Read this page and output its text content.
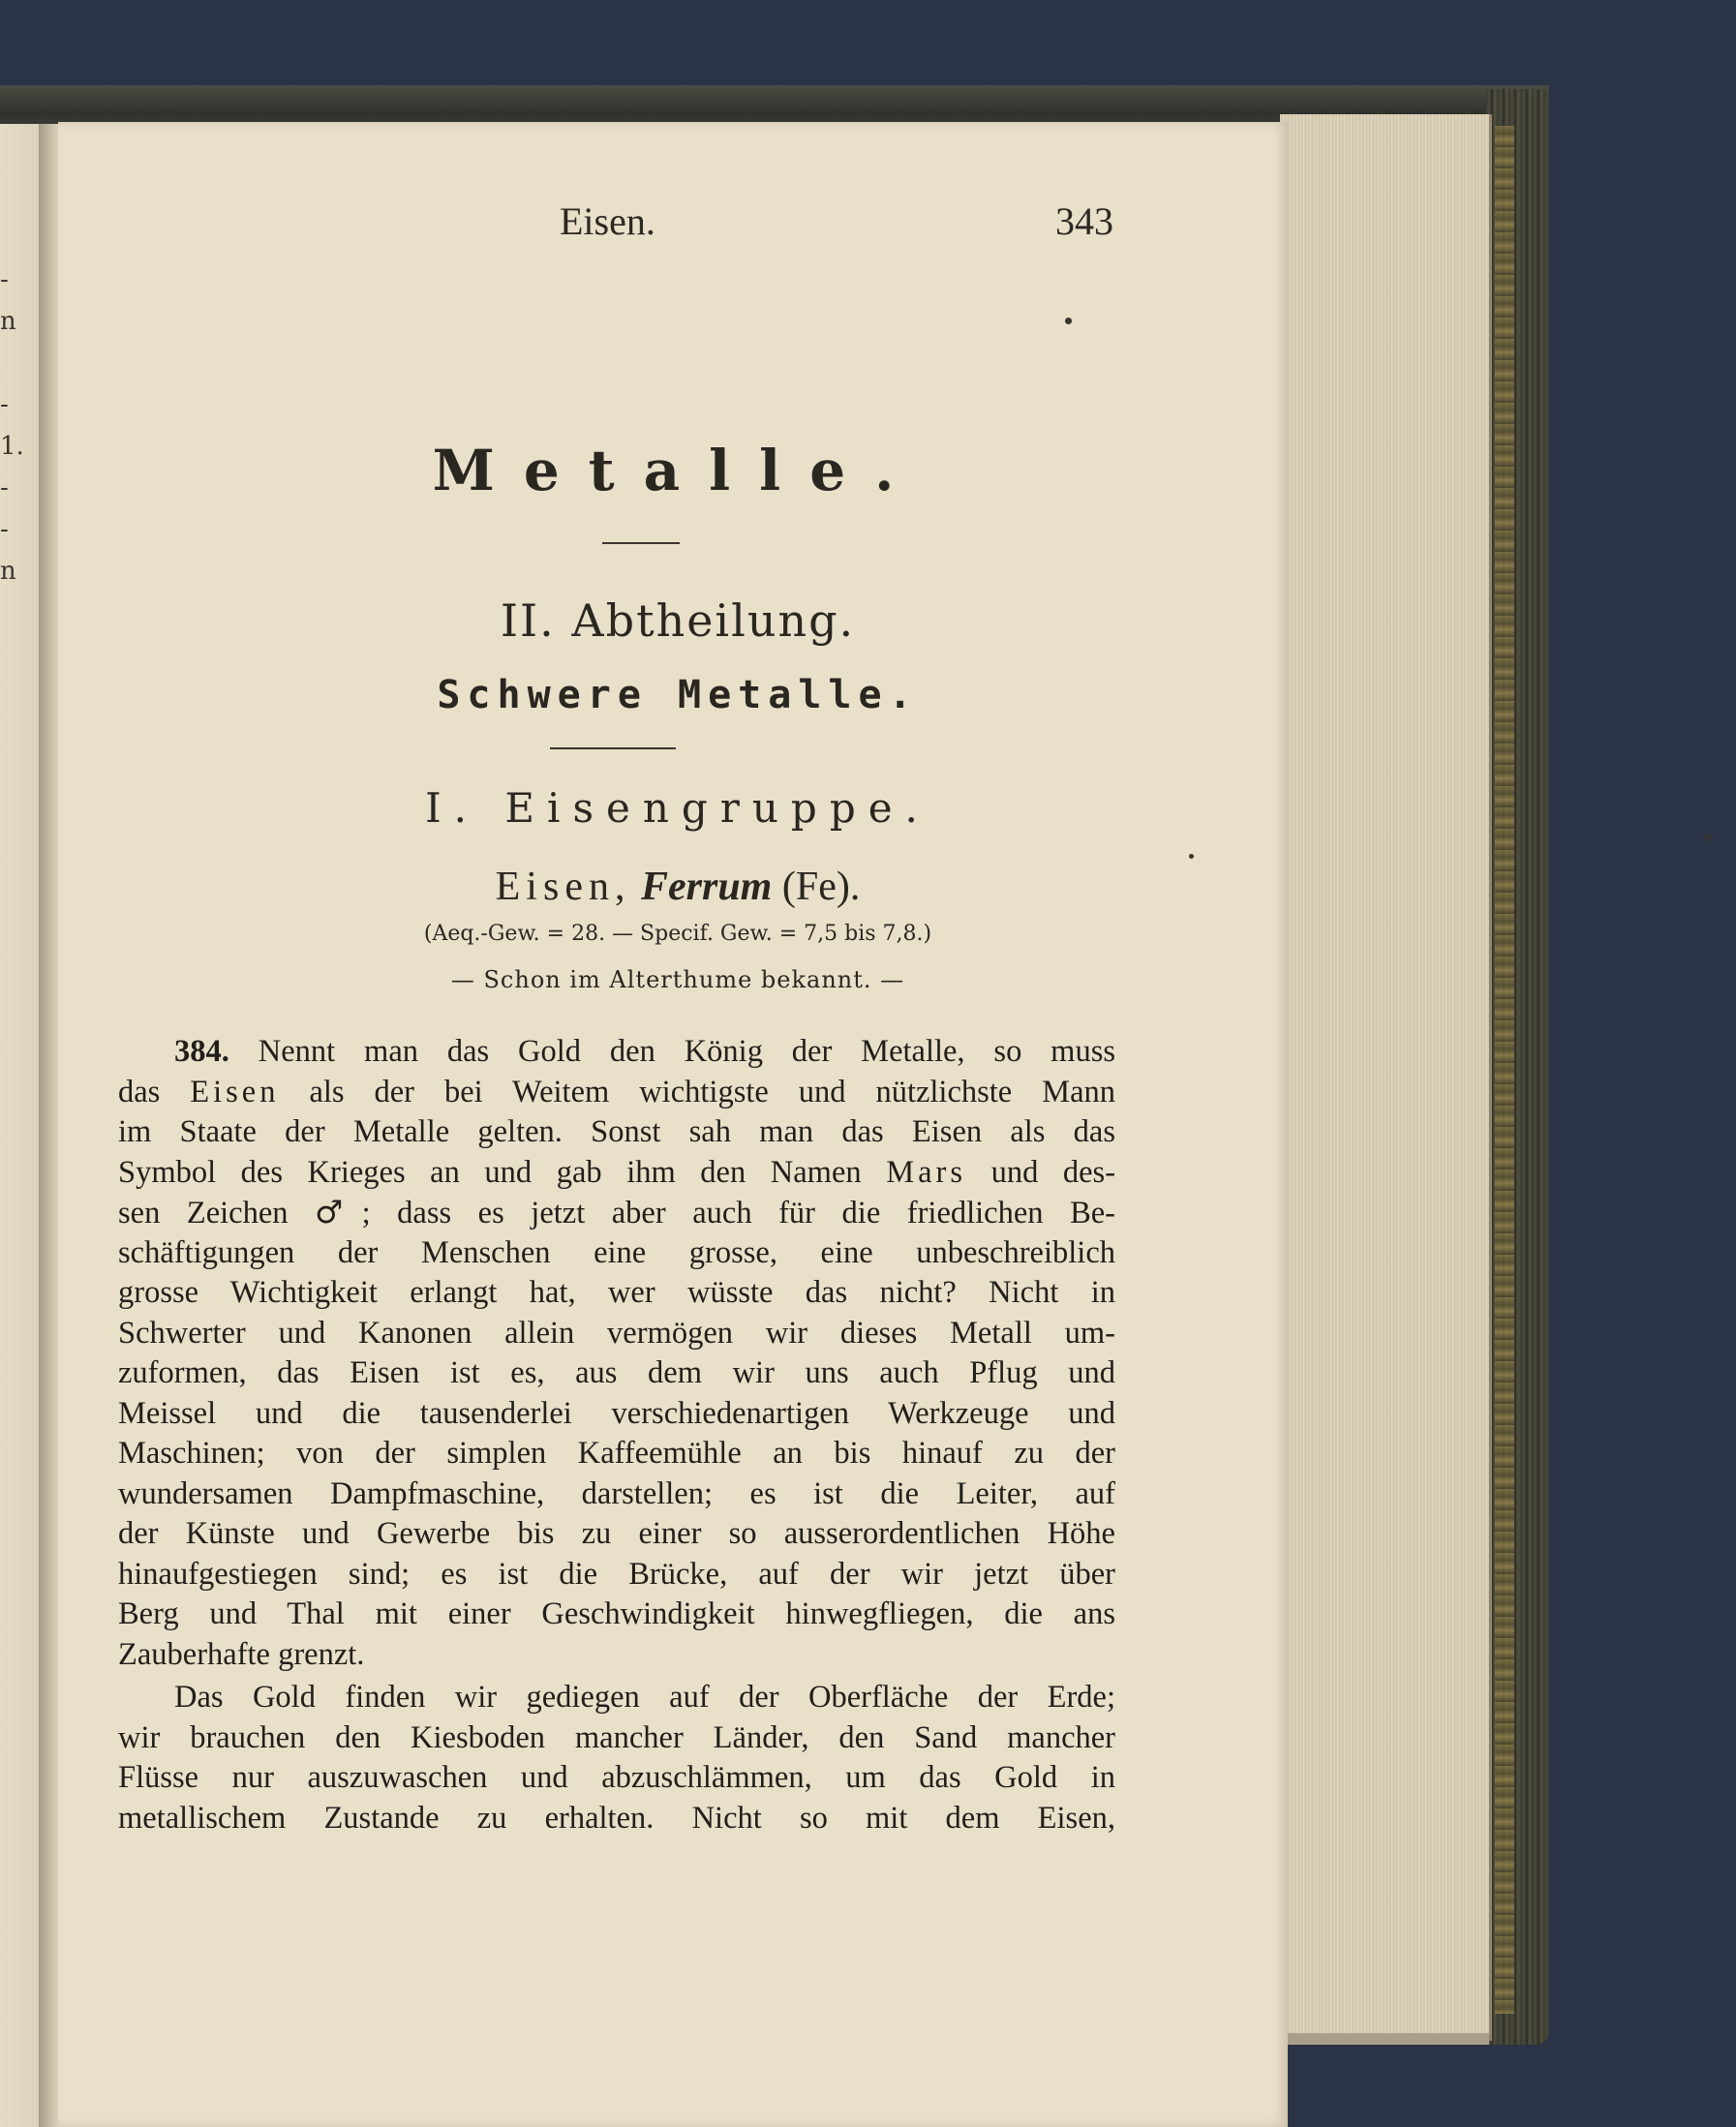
-
n
-
1.
-
-
n
Eisen.	343
Metalle.
II. Abtheilung.
Schwere Metalle.
I. Eisengruppe.
Eisen, Ferrum (Fe).
(Aeq.-Gew. = 28. — Specif. Gew. = 7,5 bis 7,8.)
— Schon im Alterthume bekannt. —
384. Nennt man das Gold den König der Metalle, so muss
das Eisen als der bei Weitem wichtigste und nützlichste Mann
im Staate der Metalle gelten. Sonst sah man das Eisen als das
Symbol des Krieges an und gab ihm den Namen Mars und des-
sen Zeichen ♂; dass es jetzt aber auch für die friedlichen Be-
schäftigungen der Menschen eine grosse, eine unbeschreiblich
grosse Wichtigkeit erlangt hat, wer wüsste das nicht? Nicht in
Schwerter und Kanonen allein vermögen wir dieses Metall um-
zuformen, das Eisen ist es, aus dem wir uns auch Pflug und
Meissel und die tausenderlei verschiedenartigen Werkzeuge und
Maschinen; von der simplen Kaffeemühle an bis hinauf zu der
wundersamen Dampfmaschine, darstellen; es ist die Leiter, auf
der Künste und Gewerbe bis zu einer so ausserordentlichen Höhe
hinaufgestiegen sind; es ist die Brücke, auf der wir jetzt über
Berg und Thal mit einer Geschwindigkeit hinwegfliegen, die ans
Zauberhafte grenzt.
Das Gold finden wir gediegen auf der Oberfläche der Erde;
wir brauchen den Kiesboden mancher Länder, den Sand mancher
Flüsse nur auszuwaschen und abzuschlämmen, um das Gold in
metallischem Zustande zu erhalten. Nicht so mit dem Eisen,
